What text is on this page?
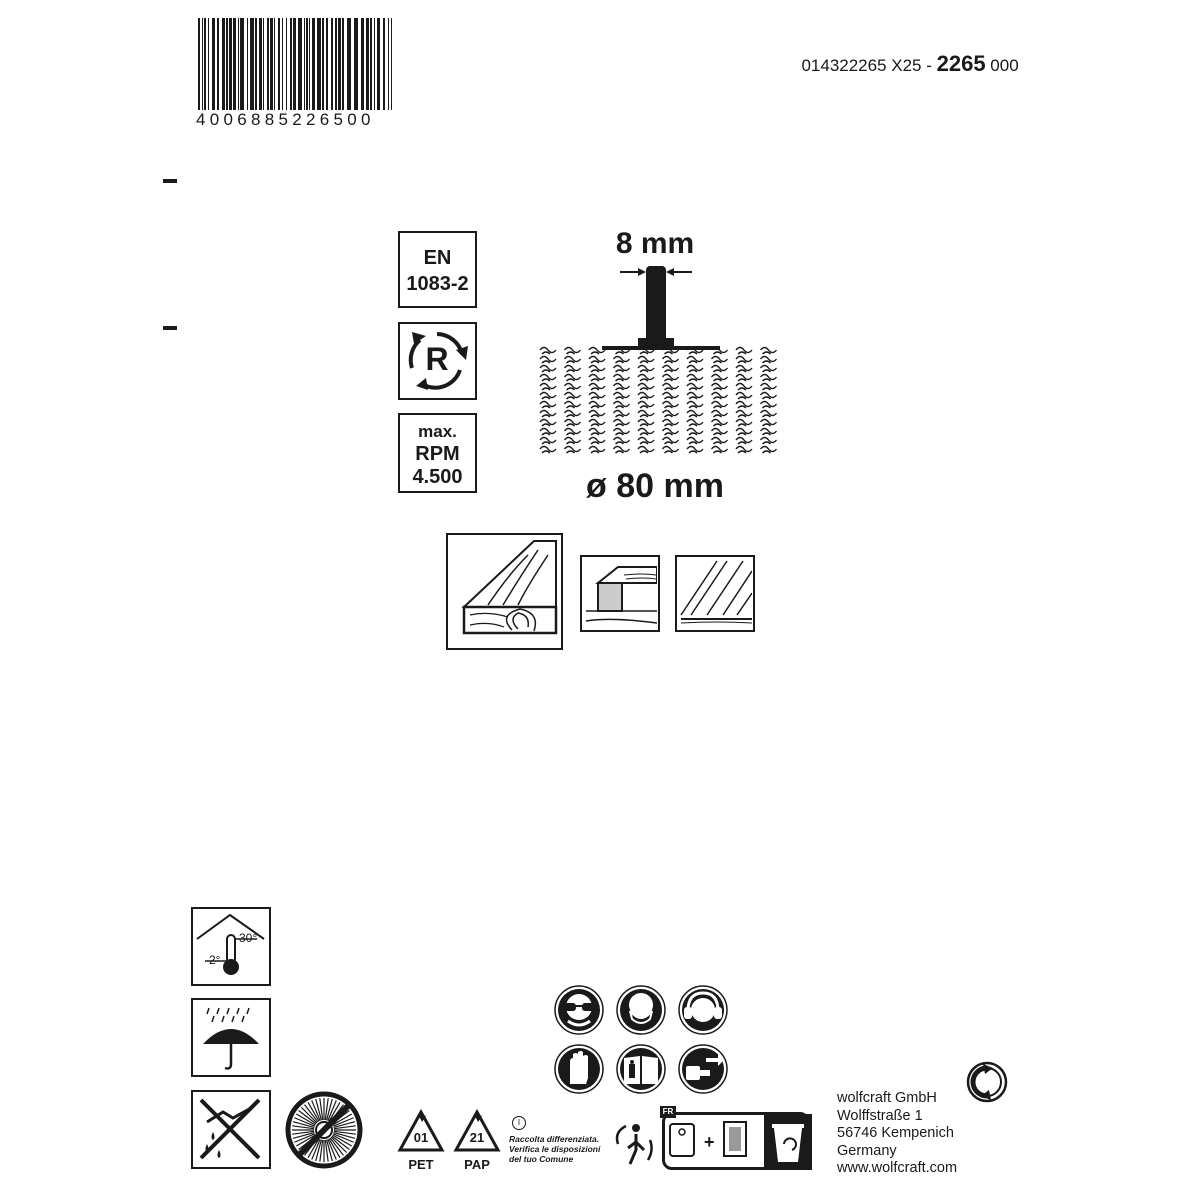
4006885226500

014322265 X25 - 2265 000

EN
1083-2
R
max.
RPM
4.500
8 mm
ø 80 mm
30°
2°
01
PET
21
PAP
I
Raccolta differenziata.
Verifica le disposizioni
del tuo Comune
FR
+
wolfcraft GmbH
Wolffstraße 1
56746 Kempenich
Germany
www.wolfcraft.com
